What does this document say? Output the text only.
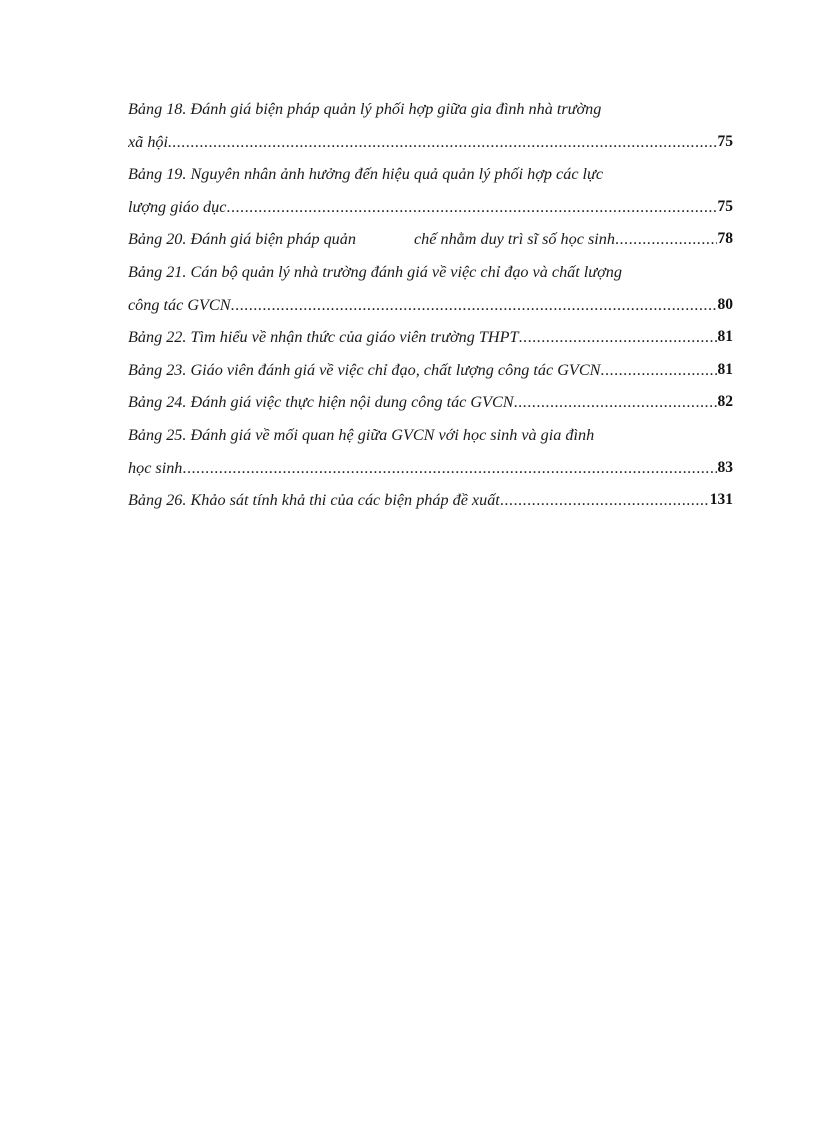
Bảng 18. Đánh giá biện pháp quản lý phối hợp giữa gia đình nhà trường
xã hội. .....	75
Bảng 19. Nguyên nhân ảnh hưởng đến hiệu quả quản lý phối hợp các lực
lượng giáo dục .....	75
Bảng 20. Đánh giá biện pháp quản	chế nhằm duy trì sĩ số học sinh .....	78
Bảng 21. Cán bộ quản lý nhà trường đánh giá về việc chỉ đạo và chất lượng
công tác GVCN .....	80
Bảng 22. Tìm hiểu về nhận thức của giáo viên trường THPT .....	81
Bảng 23. Giáo viên đánh giá về việc chỉ đạo, chất lượng công tác GVCN .....	81
Bảng 24. Đánh giá việc thực hiện nội dung công tác GVCN .....	82
Bảng 25. Đánh giá về mối quan hệ giữa GVCN với học sinh và gia đình
học sinh .....	83
Bảng 26. Khảo sát tính khả thi của các biện pháp đề xuất .....	131
